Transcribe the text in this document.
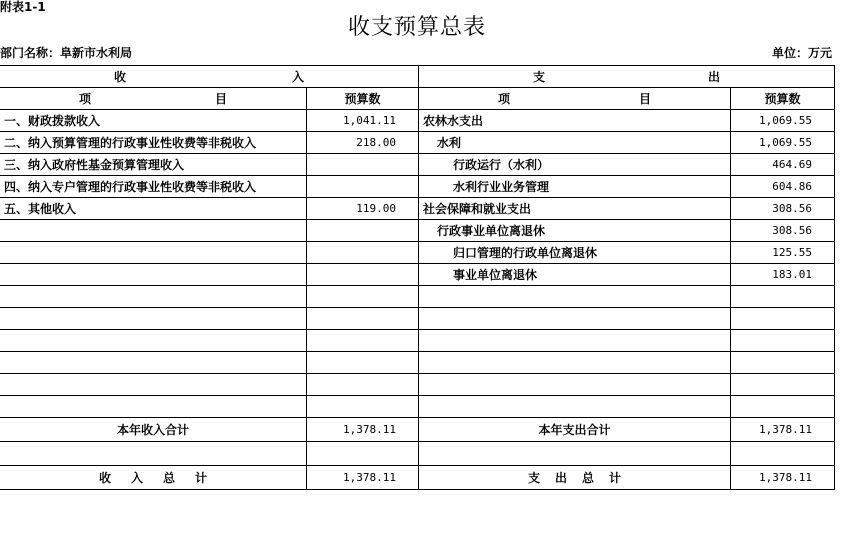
附表1-1
收支预算总表
部门名称：阜新市水利局	单位：万元
收 入		支 出	

项 目	预算数	项 目	预算数
一、财政拨款收入	1,041.11	农林水支出	1,069.55
二、纳入预算管理的行政事业性收费等非税收入	218.00	水利	1,069.55
三、纳入政府性基金预算管理收入		行政运行（水利）	464.69
四、纳入专户管理的行政事业性收费等非税收入		水利行业业务管理	604.86
五、其他收入	119.00	社会保障和就业支出	308.56
		行政事业单位离退休	308.56
		归口管理的行政单位离退休	125.55
		事业单位离退休	183.01

本年收入合计	1,378.11	本年支出合计	1,378.11

收 入 总 计	1,378.11	支 出 总 计	1,378.11
